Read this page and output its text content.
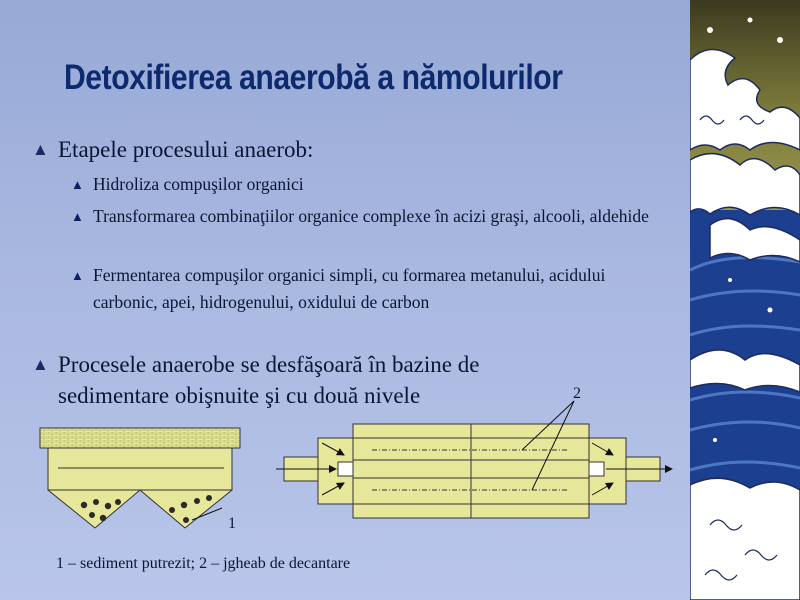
Detoxifierea anaerobă a nămolurilor
▲ Etapele procesului anaerob:
▲ Hidroliza compuşilor organici
▲ Transformarea combinaţiilor organice complexe în acizi graşi, alcooli, aldehide
▲ Fermentarea compuşilor organici simpli, cu formarea metanului, acidului carbonic, apei, hidrogenului, oxidului de carbon
▲ Procesele anaerobe se desfăşoară în bazine de sedimentare obişnuite şi cu două nivele
1
2
1 – sediment putrezit; 2 – jgheab de decantare
